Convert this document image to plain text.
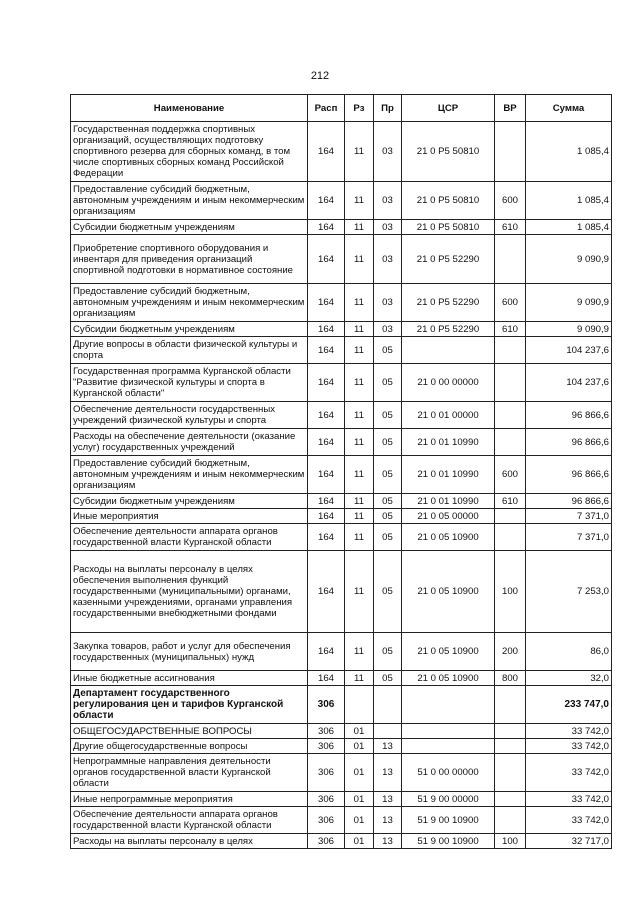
212
Наименование	Расп	Рз	Пр	ЦСР	ВР	Сумма
Государственная поддержка спортивных организаций, осуществляющих подготовку спортивного резерва для сборных команд, в том числе спортивных сборных команд Российской Федерации	164	11	03	21 0 Р5 50810		1 085,4
Предоставление субсидий бюджетным, автономным учреждениям и иным некоммерческим организациям	164	11	03	21 0 Р5 50810	600	1 085,4
Субсидии бюджетным учреждениям	164	11	03	21 0 Р5 50810	610	1 085,4
Приобретение спортивного оборудования и инвентаря для приведения организаций спортивной подготовки в нормативное состояние	164	11	03	21 0 Р5 52290		9 090,9
Предоставление субсидий бюджетным, автономным учреждениям и иным некоммерческим организациям	164	11	03	21 0 Р5 52290	600	9 090,9
Субсидии бюджетным учреждениям	164	11	03	21 0 Р5 52290	610	9 090,9
Другие вопросы в области физической культуры и спорта	164	11	05			104 237,6
Государственная программа Курганской области "Развитие физической культуры и спорта в Курганской области"	164	11	05	21 0 00 00000		104 237,6
Обеспечение деятельности государственных учреждений физической культуры и спорта	164	11	05	21 0 01 00000		96 866,6
Расходы на обеспечение деятельности (оказание услуг) государственных учреждений	164	11	05	21 0 01 10990		96 866,6
Предоставление субсидий бюджетным, автономным учреждениям и иным некоммерческим организациям	164	11	05	21 0 01 10990	600	96 866,6
Субсидии бюджетным учреждениям	164	11	05	21 0 01 10990	610	96 866,6
Иные мероприятия	164	11	05	21 0 05 00000		7 371,0
Обеспечение деятельности аппарата органов государственной власти Курганской области	164	11	05	21 0 05 10900		7 371,0
Расходы на выплаты персоналу в целях обеспечения выполнения функций государственными (муниципальными) органами, казенными учреждениями, органами управления государственными внебюджетными фондами	164	11	05	21 0 05 10900	100	7 253,0
Закупка товаров, работ и услуг для обеспечения государственных (муниципальных) нужд	164	11	05	21 0 05 10900	200	86,0
Иные бюджетные ассигнования	164	11	05	21 0 05 10900	800	32,0
Департамент государственного регулирования цен и тарифов Курганской области	306					233 747,0
ОБЩЕГОСУДАРСТВЕННЫЕ ВОПРОСЫ	306	01				33 742,0
Другие общегосударственные вопросы	306	01	13			33 742,0
Непрограммные направления деятельности органов государственной власти Курганской области	306	01	13	51 0 00 00000		33 742,0
Иные непрограммные мероприятия	306	01	13	51 9 00 00000		33 742,0
Обеспечение деятельности аппарата органов государственной власти Курганской области	306	01	13	51 9 00 10900		33 742,0
Расходы на выплаты персоналу в целях	306	01	13	51 9 00 10900	100	32 717,0
